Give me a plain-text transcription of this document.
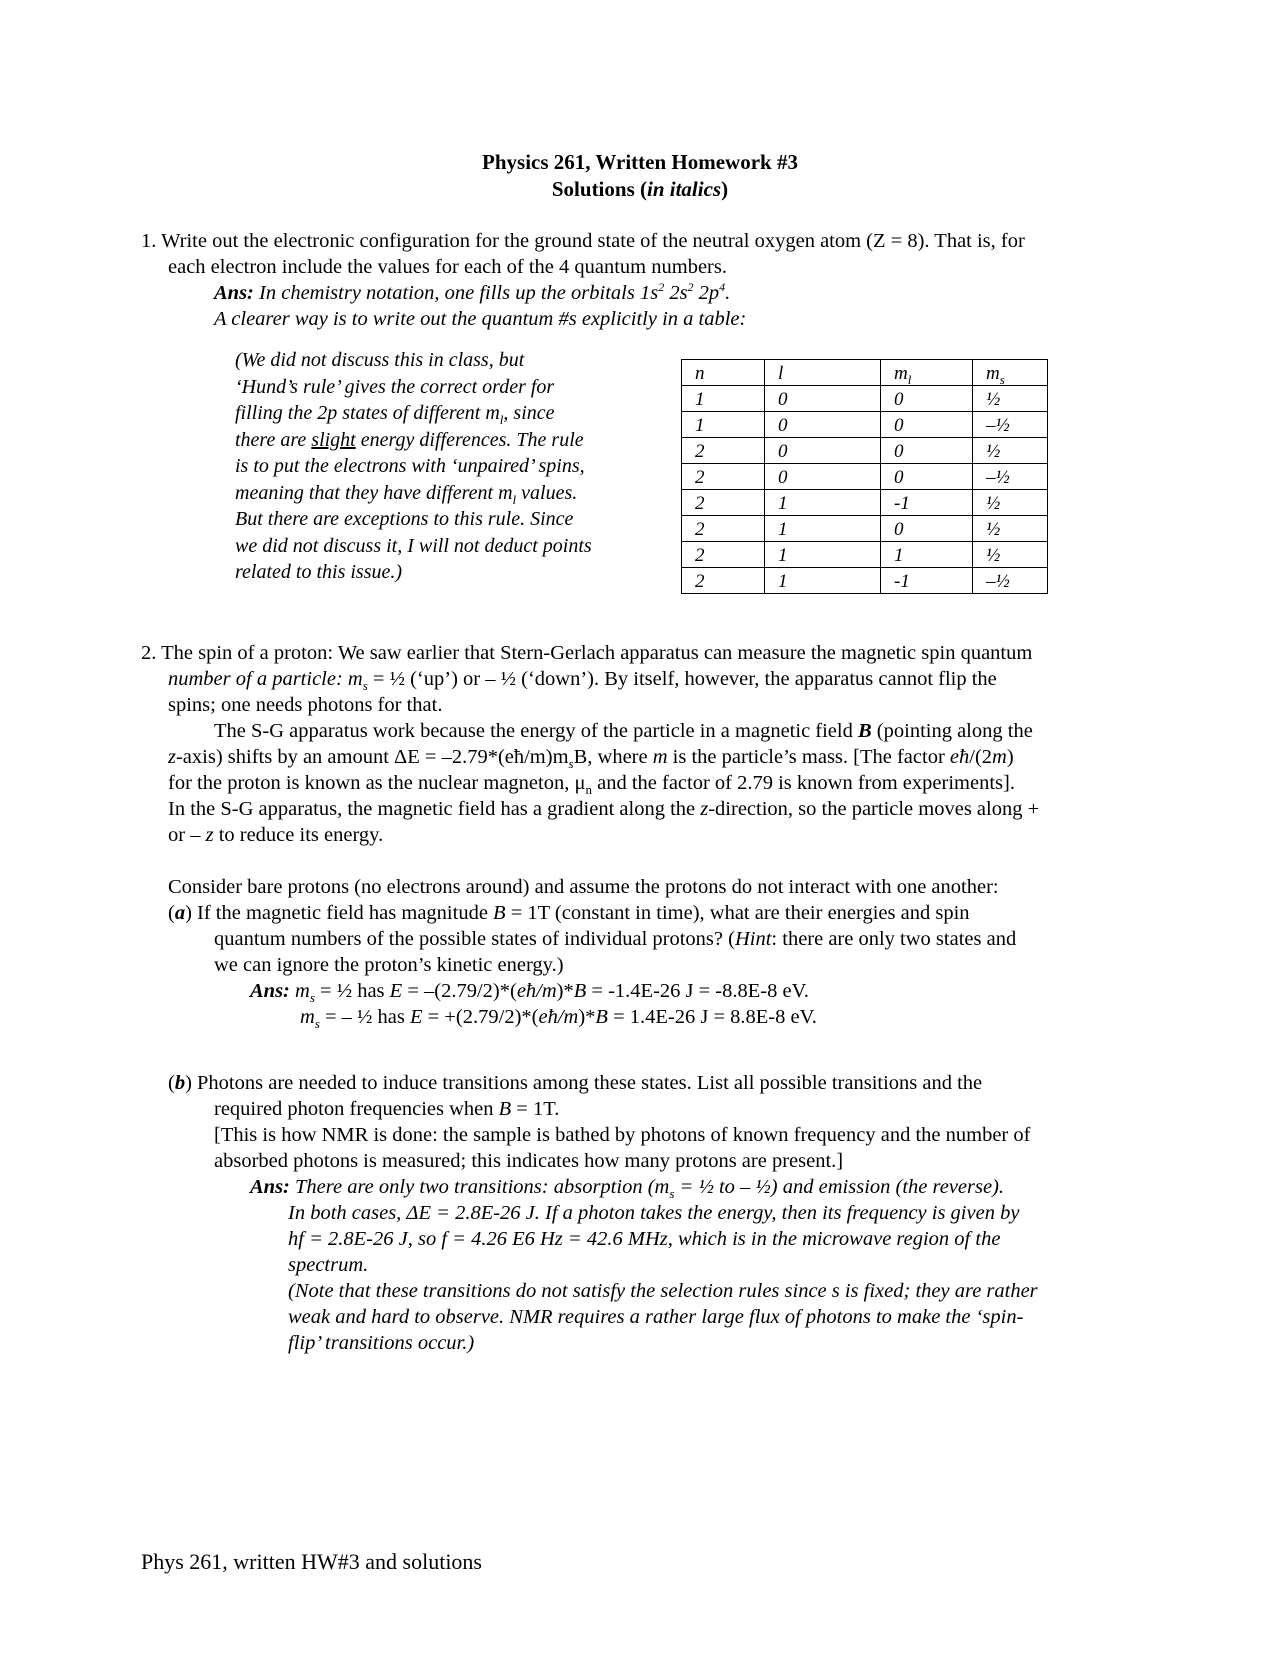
Physics 261, Written Homework #3
Solutions (in italics)
1. Write out the electronic configuration for the ground state of the neutral oxygen atom (Z = 8). That is, for
each electron include the values for each of the 4 quantum numbers.
Ans: In chemistry notation, one fills up the orbitals $1s^2$ $2s^2$ $2p^4$.
A clearer way is to write out the quantum #s explicitly in a table:
(We did not discuss this in class, but
‘Hund’s rule’ gives the correct order for
filling the 2p states of different $m_l$, since
there are slight energy differences. The rule
is to put the electrons with ‘unpaired’ spins,
meaning that they have different $m_l$ values.
But there are exceptions to this rule. Since
we did not discuss it, I will not deduct points
related to this issue.)
n	l	$m_l$	$m_s$
1	0	0	½
1	0	0	–½
2	0	0	½
2	0	0	–½
2	1	-1	½
2	1	0	½
2	1	1	½
2	1	-1	–½
2. The spin of a proton: We saw earlier that Stern-Gerlach apparatus can measure the magnetic spin quantum
number of a particle: $m_s$ = ½ (‘up’) or – ½ (‘down’). By itself, however, the apparatus cannot flip the
spins; one needs photons for that.
The S-G apparatus work because the energy of the particle in a magnetic field B (pointing along the
z-axis) shifts by an amount $\Delta E = -2.79*(eħ/m)m_sB$, where m is the particle’s mass. [The factor eħ/(2m)
for the proton is known as the nuclear magneton, $\mu_n$ and the factor of 2.79 is known from experiments].
In the S-G apparatus, the magnetic field has a gradient along the z-direction, so the particle moves along +
or – z to reduce its energy.
Consider bare protons (no electrons around) and assume the protons do not interact with one another:
(a) If the magnetic field has magnitude B = 1T (constant in time), what are their energies and spin
quantum numbers of the possible states of individual protons? (Hint: there are only two states and
we can ignore the proton’s kinetic energy.)
Ans: $m_s$ = ½ has E = –(2.79/2)*(eħ/m)*B = -1.4E-26 J = -8.8E-8 eV.
$m_s$ = – ½ has E = +(2.79/2)*(eħ/m)*B = 1.4E-26 J = 8.8E-8 eV.
(b) Photons are needed to induce transitions among these states. List all possible transitions and the
required photon frequencies when B = 1T.
[This is how NMR is done: the sample is bathed by photons of known frequency and the number of
absorbed photons is measured; this indicates how many protons are present.]
Ans: There are only two transitions: absorption ($m_s$ = ½ to – ½) and emission (the reverse).
In both cases, ΔE = 2.8E-26 J. If a photon takes the energy, then its frequency is given by
hf = 2.8E-26 J, so f = 4.26 E6 Hz = 42.6 MHz, which is in the microwave region of the
spectrum.
(Note that these transitions do not satisfy the selection rules since s is fixed; they are rather
weak and hard to observe. NMR requires a rather large flux of photons to make the ‘spin-
flip’ transitions occur.)
Phys 261, written HW#3 and solutions
